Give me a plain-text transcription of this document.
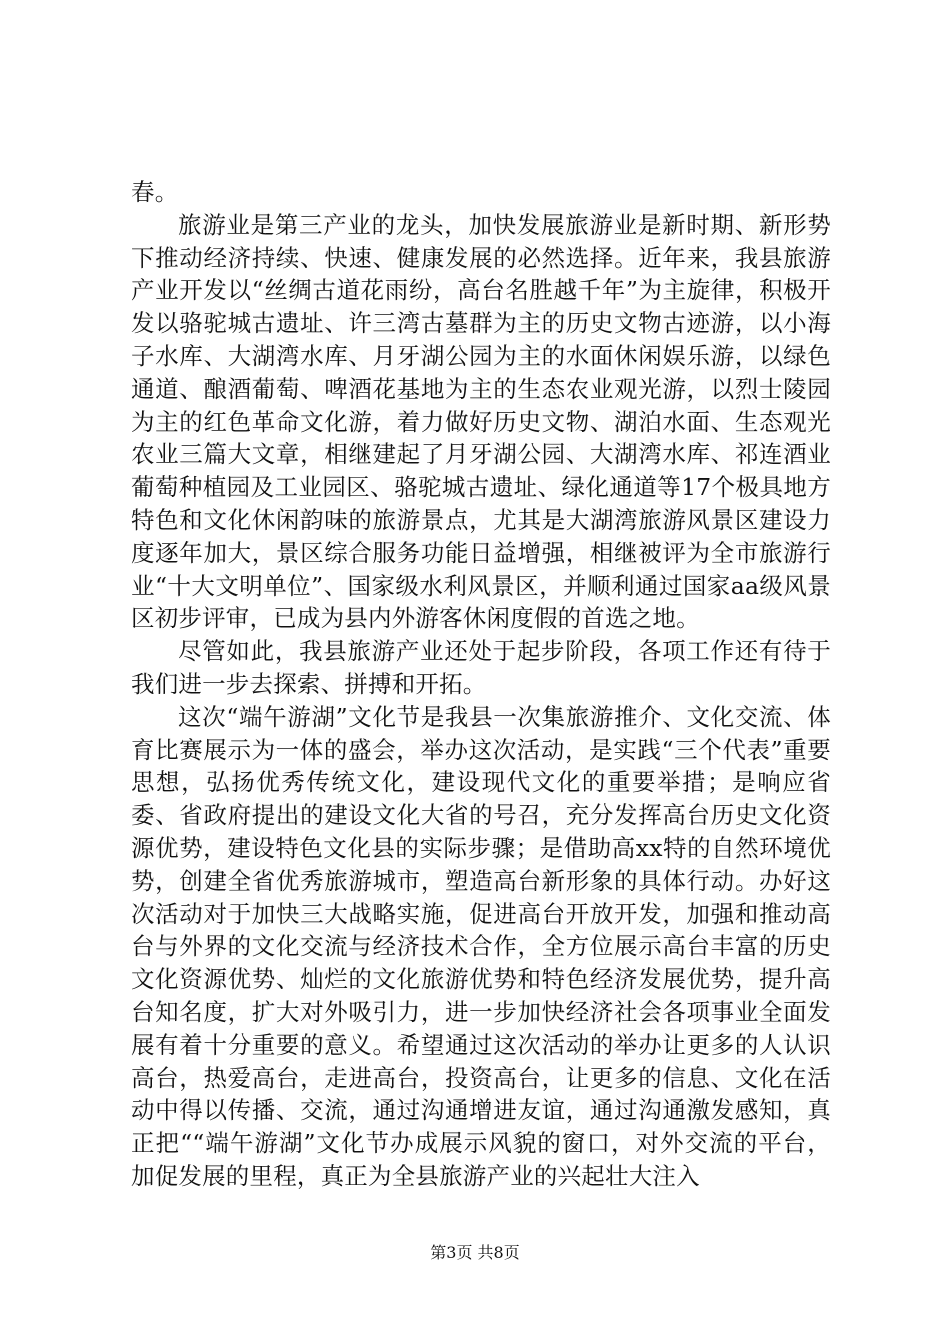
春。

旅游业是第三产业的龙头，加快发展旅游业是新时期、新形势下推动经济持续、快速、健康发展的必然选择。近年来，我县旅游产业开发以“丝绸古道花雨纷，高台名胜越千年”为主旋律，积极开发以骆驼城古遗址、许三湾古墓群为主的历史文物古迹游，以小海子水库、大湖湾水库、月牙湖公园为主的水面休闲娱乐游，以绿色通道、酿酒葡萄、啤酒花基地为主的生态农业观光游，以烈士陵园为主的红色革命文化游，着力做好历史文物、湖泊水面、生态观光农业三篇大文章，相继建起了月牙湖公园、大湖湾水库、祁连酒业葡萄种植园及工业园区、骆驼城古遗址、绿化通道等17个极具地方特色和文化休闲韵味的旅游景点，尤其是大湖湾旅游风景区建设力度逐年加大，景区综合服务功能日益增强，相继被评为全市旅游行业“十大文明单位”、国家级水利风景区，并顺利通过国家aa级风景区初步评审，已成为县内外游客休闲度假的首选之地。

尽管如此，我县旅游产业还处于起步阶段，各项工作还有待于我们进一步去探索、拼搏和开拓。

这次“端午游湖”文化节是我县一次集旅游推介、文化交流、体育比赛展示为一体的盛会，举办这次活动，是实践“三个代表”重要思想，弘扬优秀传统文化，建设现代文化的重要举措；是响应省委、省政府提出的建设文化大省的号召，充分发挥高台历史文化资源优势，建设特色文化县的实际步骤；是借助高xx特的自然环境优势，创建全省优秀旅游城市，塑造高台新形象的具体行动。办好这次活动对于加快三大战略实施，促进高台开放开发，加强和推动高台与外界的文化交流与经济技术合作，全方位展示高台丰富的历史文化资源优势、灿烂的文化旅游优势和特色经济发展优势，提升高台知名度，扩大对外吸引力，进一步加快经济社会各项事业全面发展有着十分重要的意义。希望通过这次活动的举办让更多的人认识高台，热爱高台，走进高台，投资高台，让更多的信息、文化在活动中得以传播、交流，通过沟通增进友谊，通过沟通激发感知，真正把““端午游湖”文化节办成展示风貌的窗口，对外交流的平台，加促发展的里程，真正为全县旅游产业的兴起壮大注入

第3页 共8页
